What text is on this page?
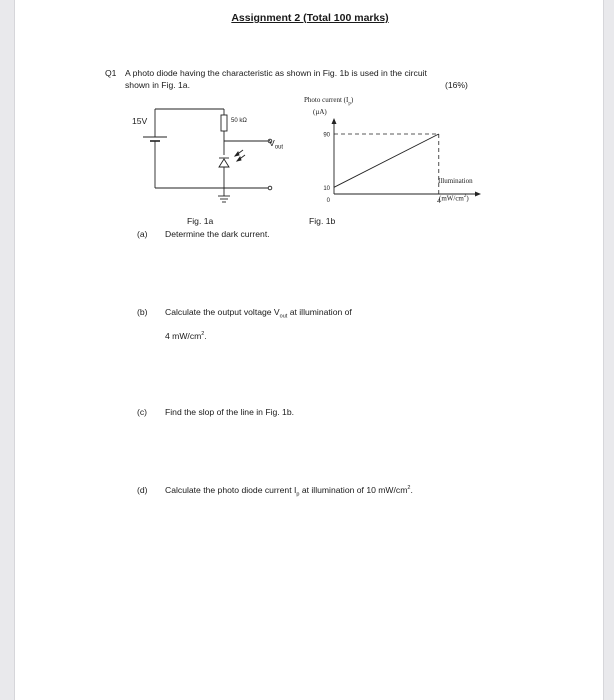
Assignment 2 (Total 100 marks)
Q1 A photo diode having the characteristic as shown in Fig. 1b is used in the circuit
shown in Fig. 1a.	(16%)
15V	50 kΩ
$V_{out}$
Fig. 1a
Photo current $(I_p)$
(µA)
90
10
0	4
Illumination
$(mW/cm^2)$
Fig. 1b
(a) Determine the dark current.
(b) Calculate the output voltage $V_{out}$ at illumination of
4 $mW/cm^2$.
(c) Find the slop of the line in Fig. 1b.
(d) Calculate the photo diode current $I_p$ at illumination of 10 $mW/cm^2$.
